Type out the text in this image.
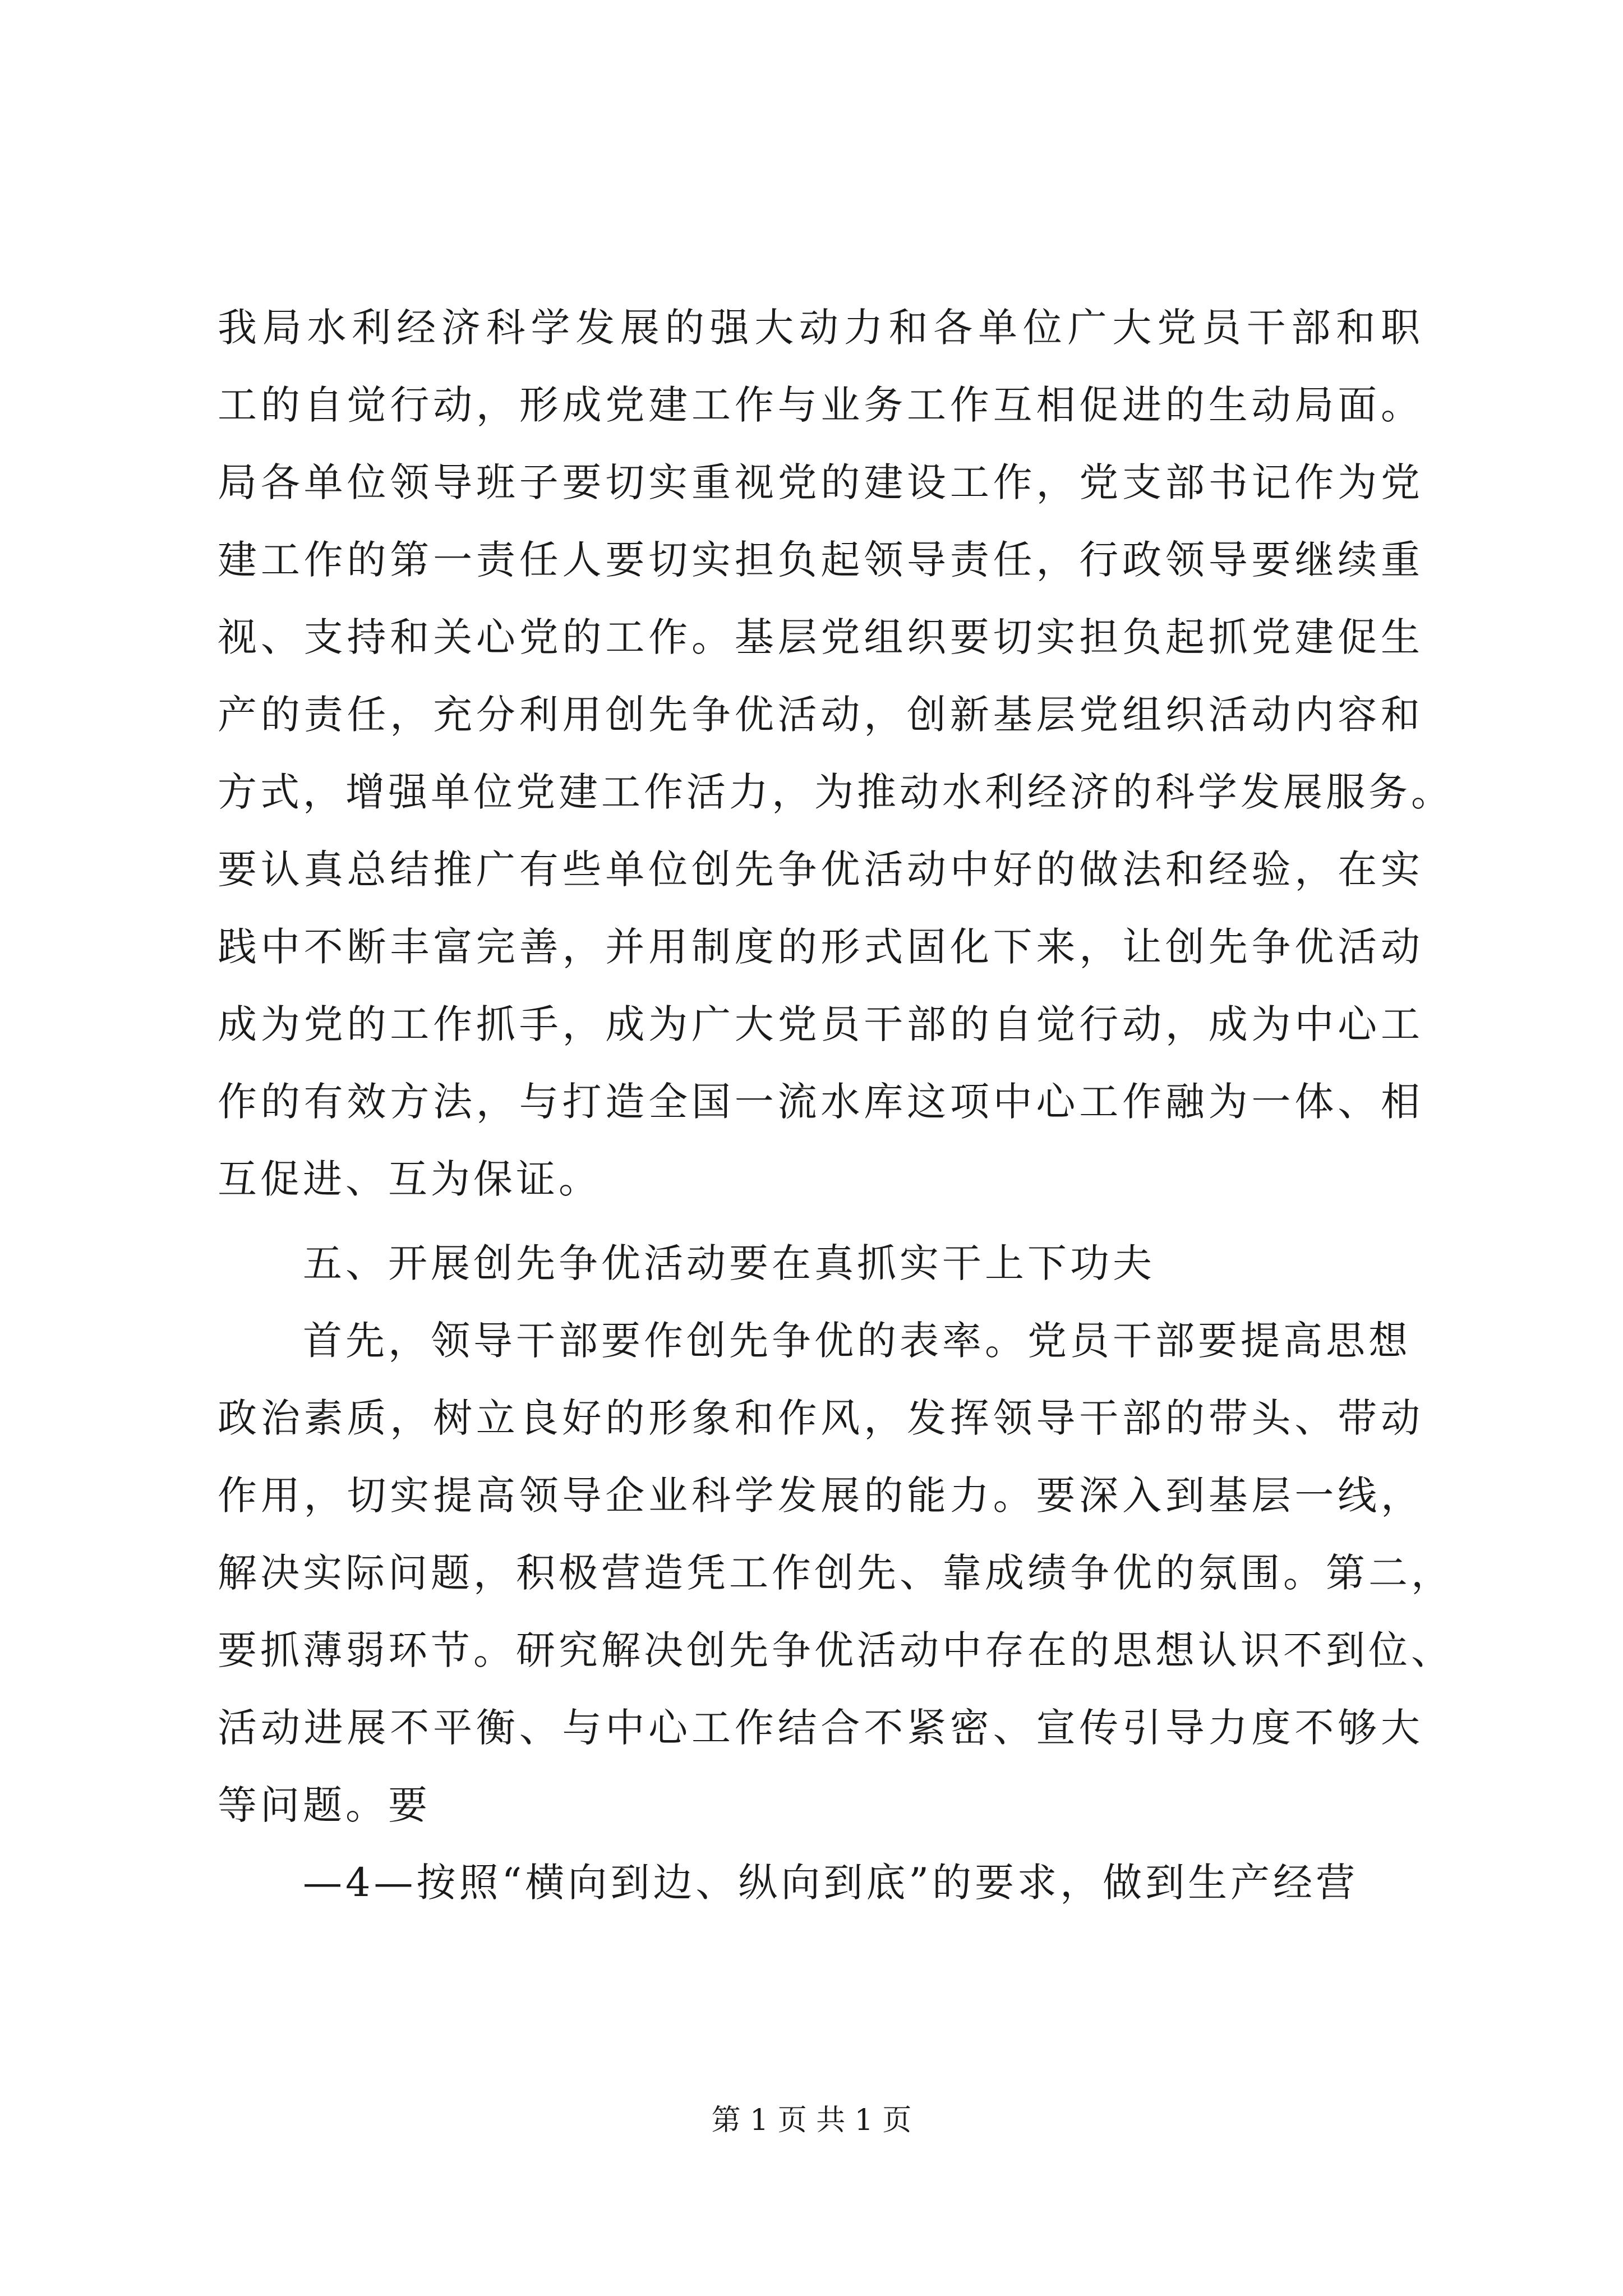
我局水利经济科学发展的强大动力和各单位广大党员干部和职
工的自觉行动，形成党建工作与业务工作互相促进的生动局面。
局各单位领导班子要切实重视党的建设工作，党支部书记作为党
建工作的第一责任人要切实担负起领导责任，行政领导要继续重
视、支持和关心党的工作。基层党组织要切实担负起抓党建促生
产的责任，充分利用创先争优活动，创新基层党组织活动内容和
方式，增强单位党建工作活力，为推动水利经济的科学发展服务。
要认真总结推广有些单位创先争优活动中好的做法和经验，在实
践中不断丰富完善，并用制度的形式固化下来，让创先争优活动
成为党的工作抓手，成为广大党员干部的自觉行动，成为中心工
作的有效方法，与打造全国一流水库这项中心工作融为一体、相
互促进、互为保证。
五、开展创先争优活动要在真抓实干上下功夫
首先，领导干部要作创先争优的表率。党员干部要提高思想
政治素质，树立良好的形象和作风，发挥领导干部的带头、带动
作用，切实提高领导企业科学发展的能力。要深入到基层一线，
解决实际问题，积极营造凭工作创先、靠成绩争优的氛围。第二，
要抓薄弱环节。研究解决创先争优活动中存在的思想认识不到位、
活动进展不平衡、与中心工作结合不紧密、宣传引导力度不够大
等问题。要
—4—按照“横向到边、纵向到底”的要求，做到生产经营
第 1 页 共 1 页
